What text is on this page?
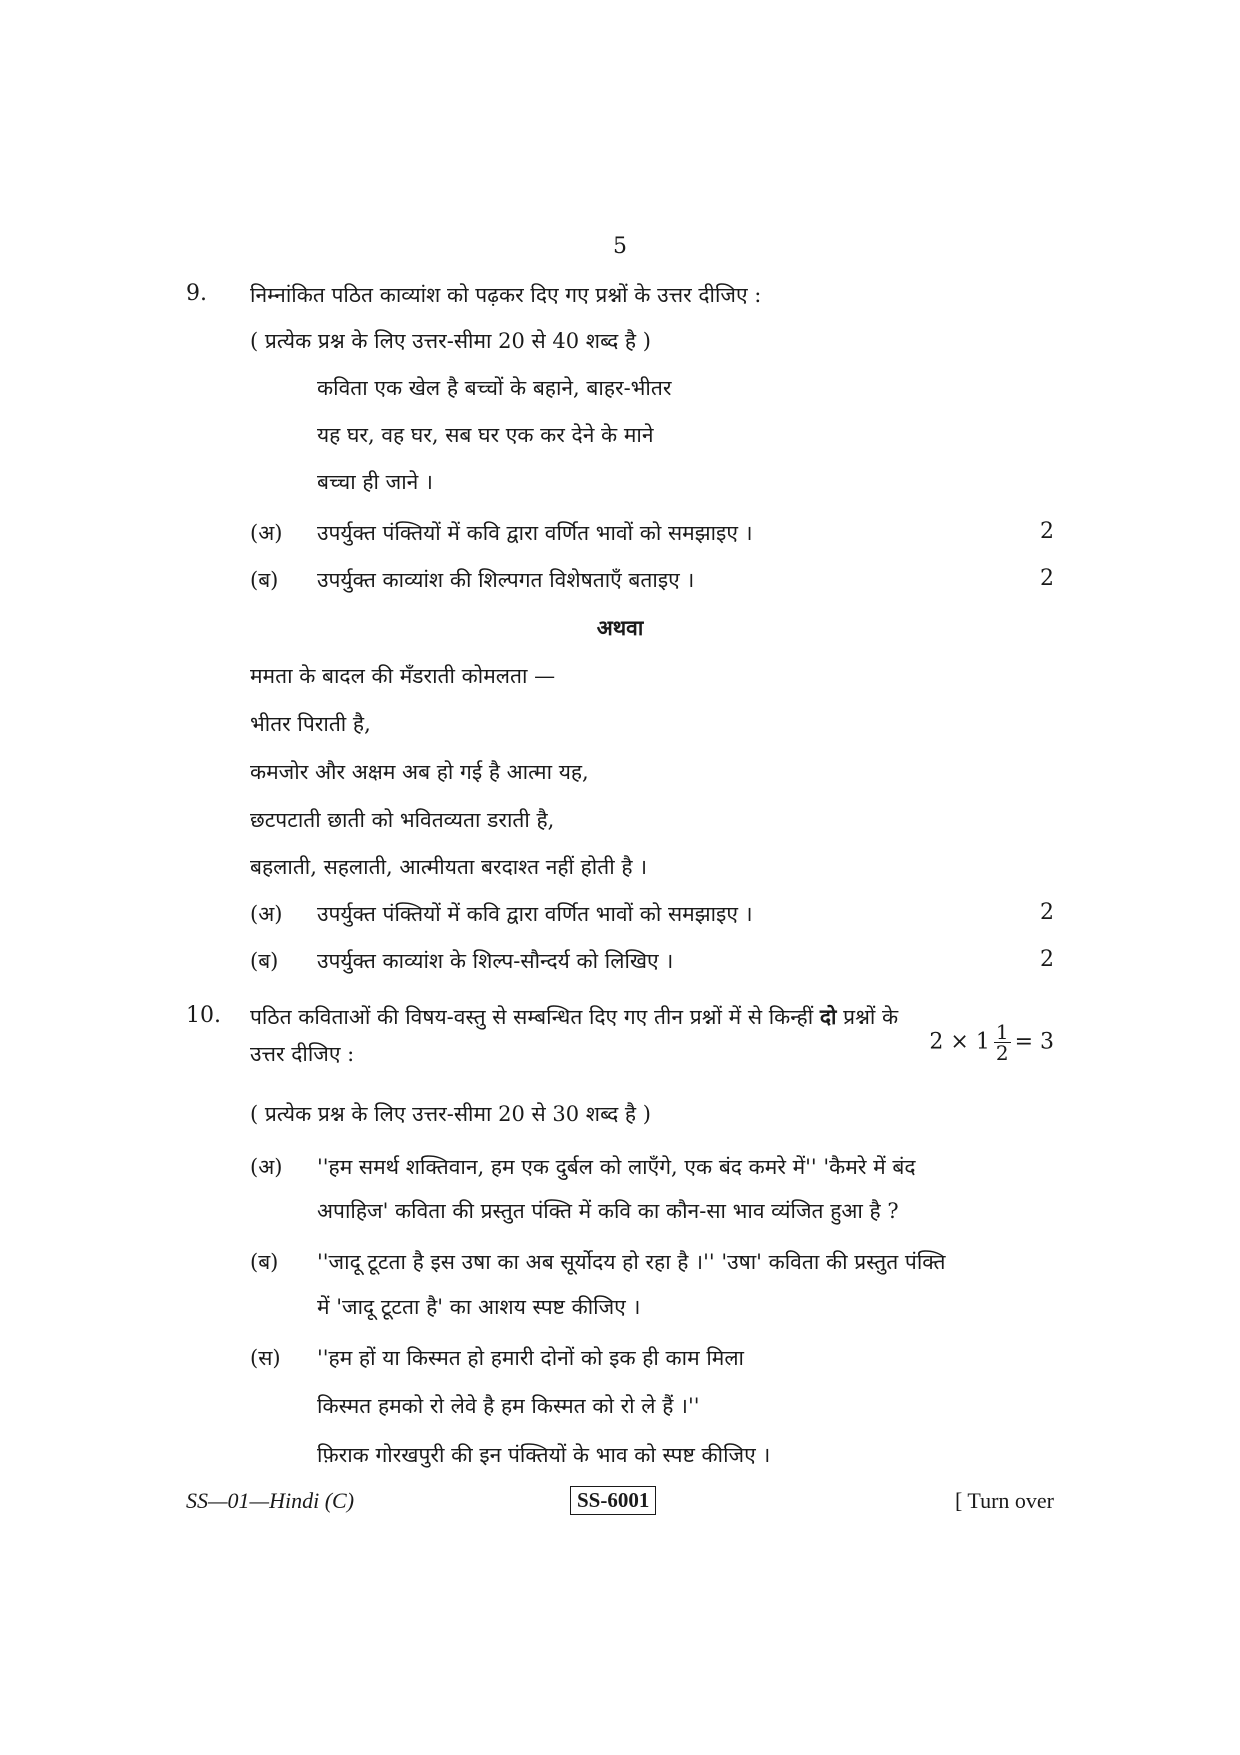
5
9. निम्नांकित पठित काव्यांश को पढ़कर दिए गए प्रश्नों के उत्तर दीजिए :
( प्रत्येक प्रश्न के लिए उत्तर-सीमा 20 से 40 शब्द है )
कविता एक खेल है बच्चों के बहाने, बाहर-भीतर
यह घर, वह घर, सब घर एक कर देने के माने
बच्चा ही जाने ।
(अ) उपर्युक्त पंक्तियों में कवि द्वारा वर्णित भावों को समझाइए ।	2
(ब) उपर्युक्त काव्यांश की शिल्पगत विशेषताएँ बताइए ।	2
अथवा
ममता के बादल की मँडराती कोमलता —
भीतर पिराती है,
कमजोर और अक्षम अब हो गई है आत्मा यह,
छटपटाती छाती को भवितव्यता डराती है,
बहलाती, सहलाती, आत्मीयता बरदाश्त नहीं होती है ।
(अ) उपर्युक्त पंक्तियों में कवि द्वारा वर्णित भावों को समझाइए ।	2
(ब) उपर्युक्त काव्यांश के शिल्प-सौन्दर्य को लिखिए ।	2
10. पठित कविताओं की विषय-वस्तु से सम्बन्धित दिए गए तीन प्रश्नों में से किन्हीं दो प्रश्नों के
उत्तर दीजिए :	$2 \times 1 \frac{1}{2} = 3$
( प्रत्येक प्रश्न के लिए उत्तर-सीमा 20 से 30 शब्द है )
(अ) ''हम समर्थ शक्तिवान, हम एक दुर्बल को लाएँगे, एक बंद कमरे में'' 'कैमरे में बंद
अपाहिज' कविता की प्रस्तुत पंक्ति में कवि का कौन-सा भाव व्यंजित हुआ है ?
(ब) ''जादू टूटता है इस उषा का अब सूर्योदय हो रहा है ।'' 'उषा' कविता की प्रस्तुत पंक्ति
में 'जादू टूटता है' का आशय स्पष्ट कीजिए ।
(स) ''हम हों या किस्मत हो हमारी दोनों को इक ही काम मिला
किस्मत हमको रो लेवे है हम किस्मत को रो ले हैं ।''
फ़िराक गोरखपुरी की इन पंक्तियों के भाव को स्पष्ट कीजिए ।
SS—01—Hindi (C)	SS-6001	[ Turn over
